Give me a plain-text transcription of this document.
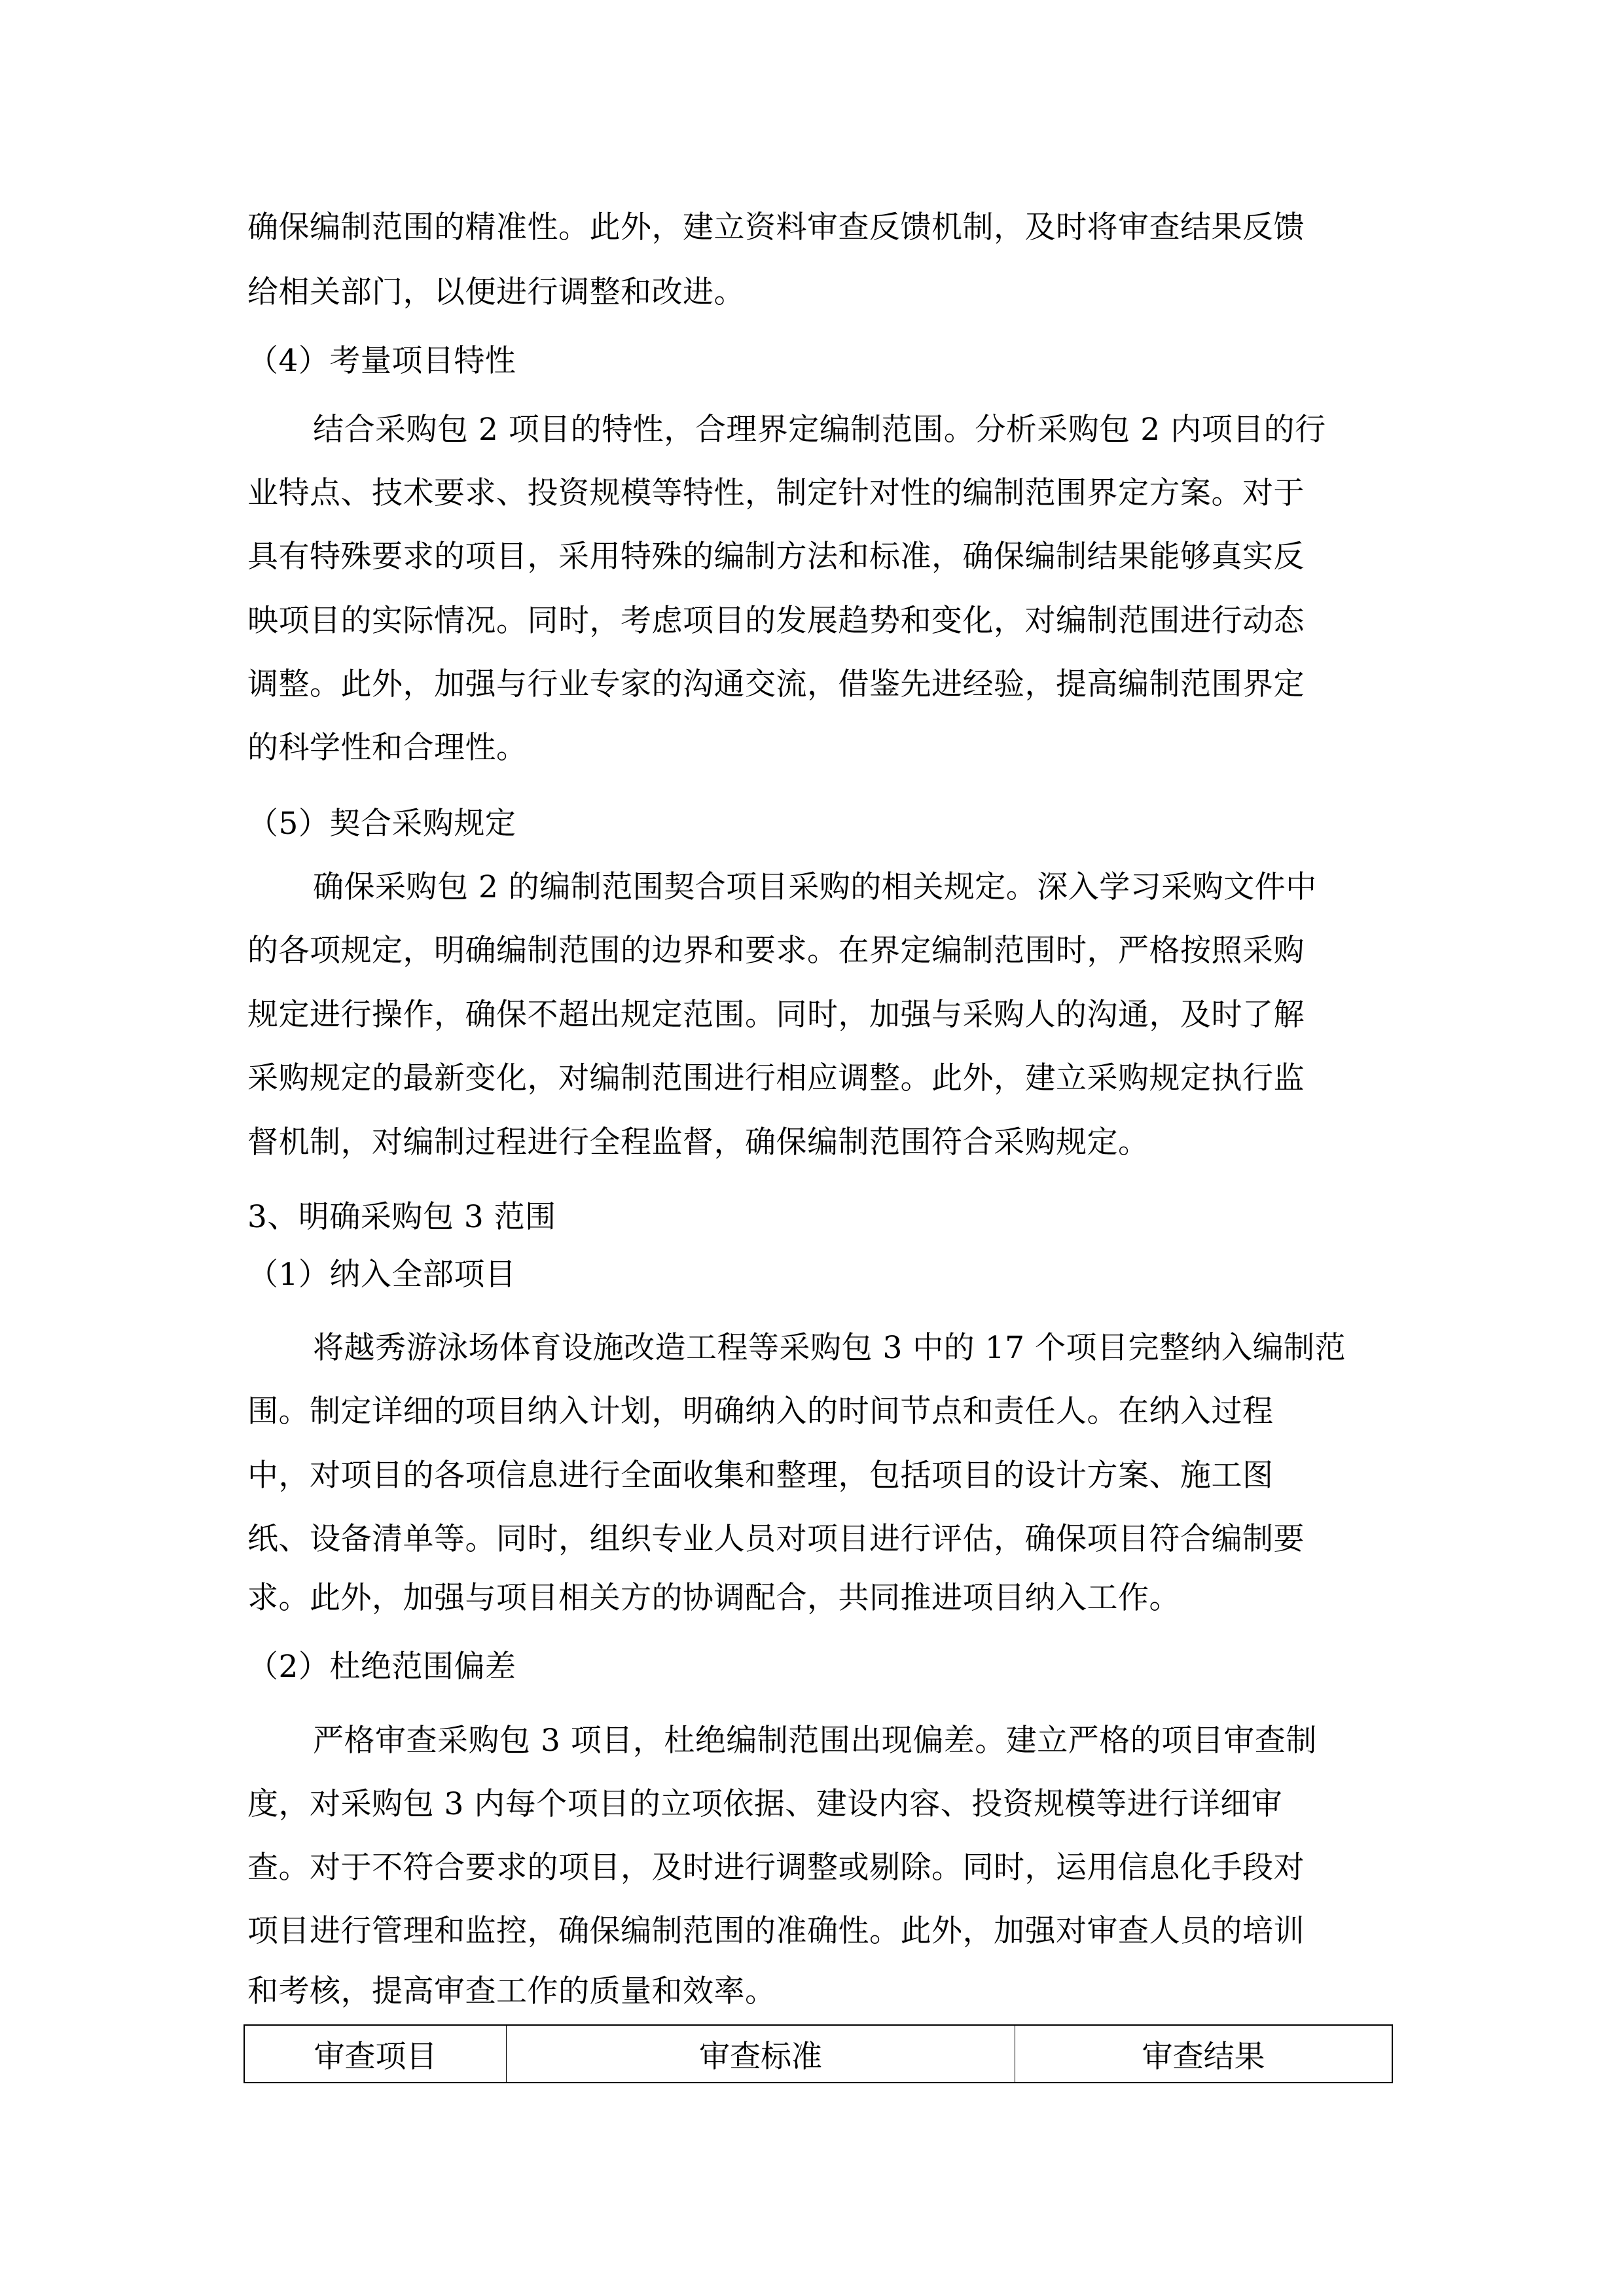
确保编制范围的精准性。此外，建立资料审查反馈机制，及时将审查结果反馈
给相关部门，以便进行调整和改进。
（4）考量项目特性
结合采购包 2 项目的特性，合理界定编制范围。分析采购包 2 内项目的行
业特点、技术要求、投资规模等特性，制定针对性的编制范围界定方案。对于
具有特殊要求的项目，采用特殊的编制方法和标准，确保编制结果能够真实反
映项目的实际情况。同时，考虑项目的发展趋势和变化，对编制范围进行动态
调整。此外，加强与行业专家的沟通交流，借鉴先进经验，提高编制范围界定
的科学性和合理性。
（5）契合采购规定
确保采购包 2 的编制范围契合项目采购的相关规定。深入学习采购文件中
的各项规定，明确编制范围的边界和要求。在界定编制范围时，严格按照采购
规定进行操作，确保不超出规定范围。同时，加强与采购人的沟通，及时了解
采购规定的最新变化，对编制范围进行相应调整。此外，建立采购规定执行监
督机制，对编制过程进行全程监督，确保编制范围符合采购规定。
3、明确采购包 3 范围
（1）纳入全部项目
将越秀游泳场体育设施改造工程等采购包 3 中的 17 个项目完整纳入编制范
围。制定详细的项目纳入计划，明确纳入的时间节点和责任人。在纳入过程
中，对项目的各项信息进行全面收集和整理，包括项目的设计方案、施工图
纸、设备清单等。同时，组织专业人员对项目进行评估，确保项目符合编制要
求。此外，加强与项目相关方的协调配合，共同推进项目纳入工作。
（2）杜绝范围偏差
严格审查采购包 3 项目，杜绝编制范围出现偏差。建立严格的项目审查制
度，对采购包 3 内每个项目的立项依据、建设内容、投资规模等进行详细审
查。对于不符合要求的项目，及时进行调整或剔除。同时，运用信息化手段对
项目进行管理和监控，确保编制范围的准确性。此外，加强对审查人员的培训
和考核，提高审查工作的质量和效率。
审查项目	审查标准	审查结果
